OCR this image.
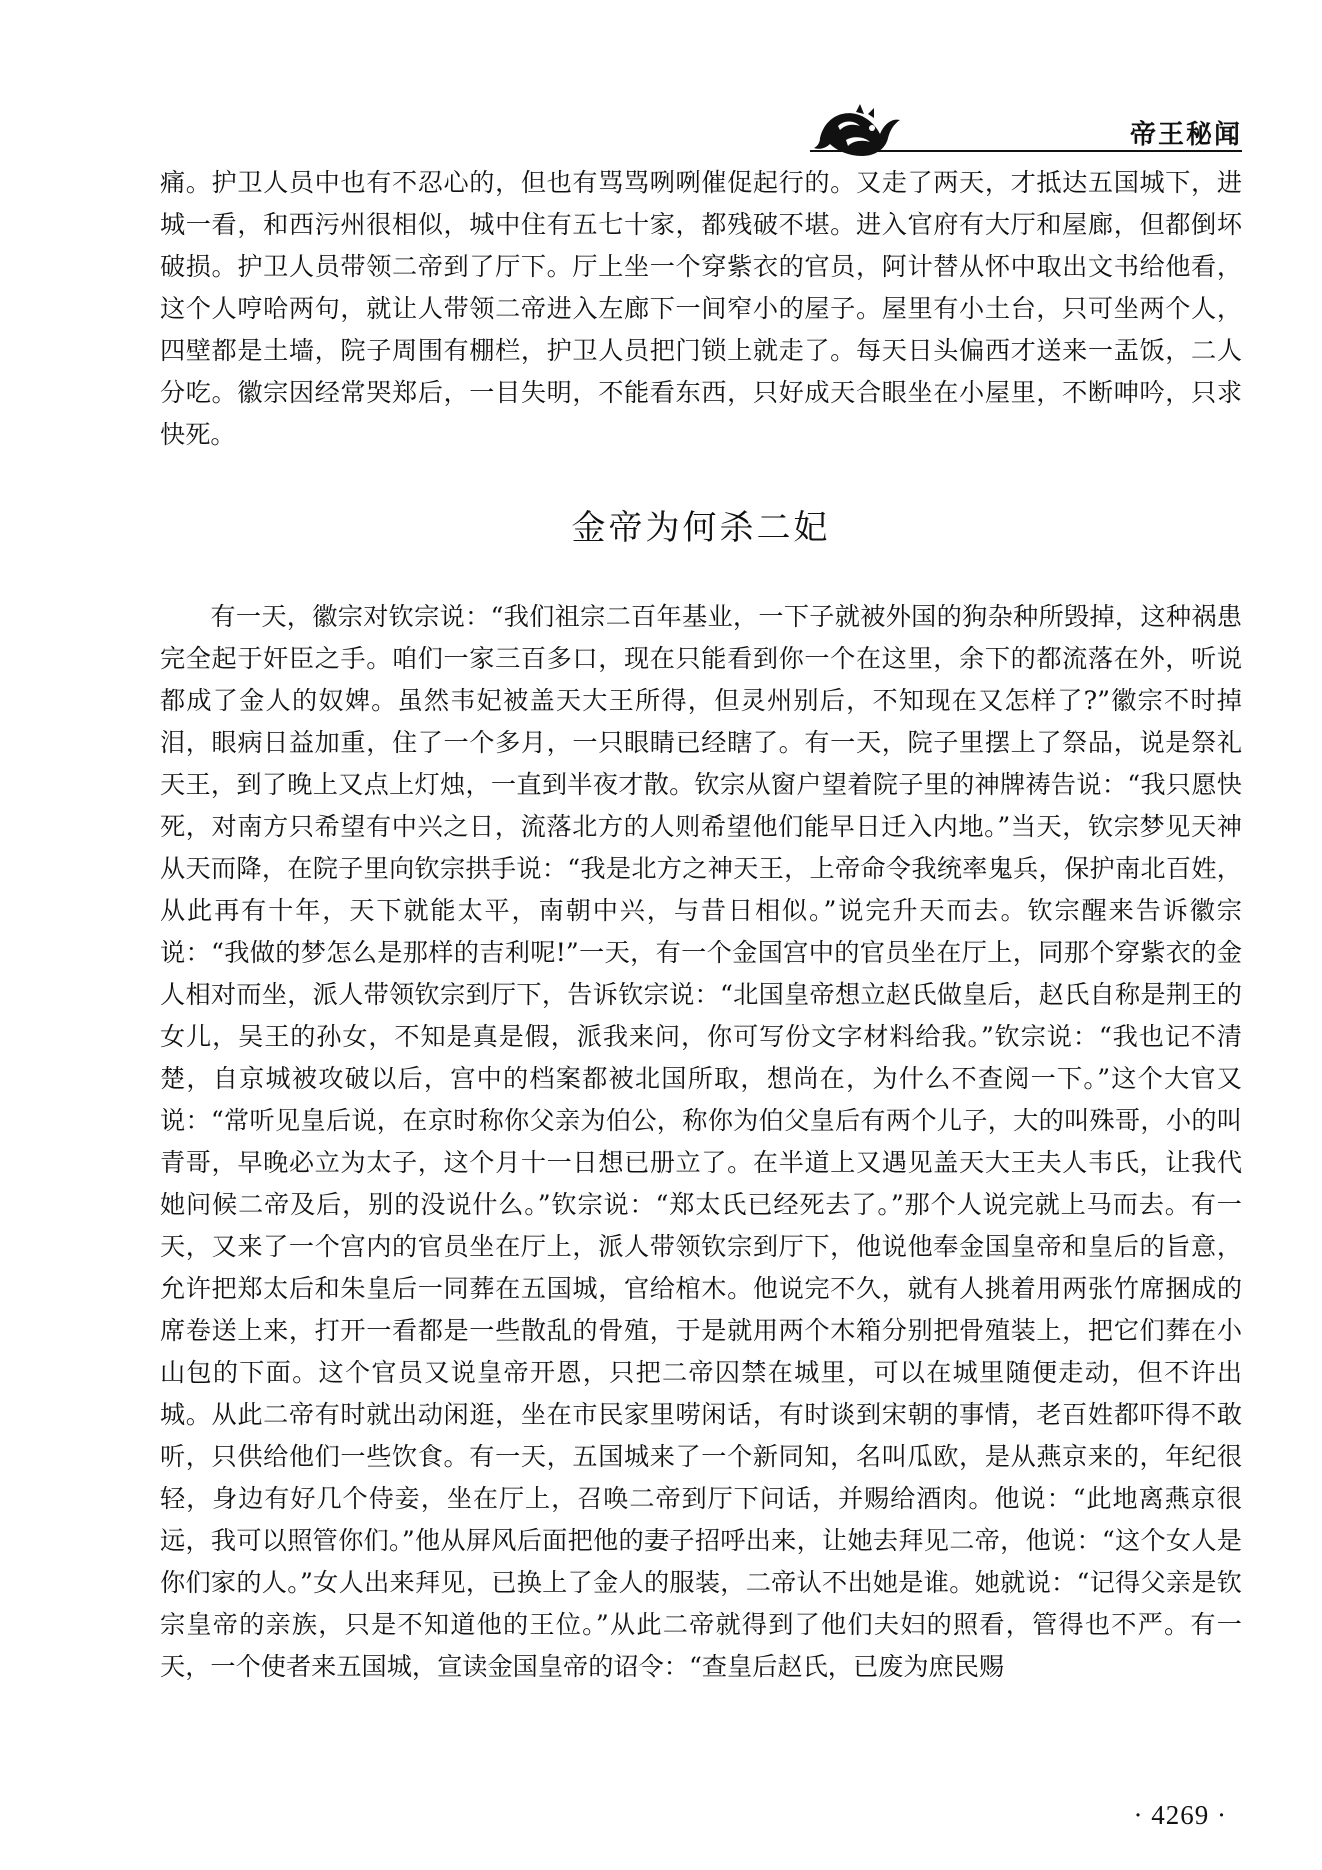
帝王秘闻

痛。护卫人员中也有不忍心的，但也有骂骂咧咧催促起行的。又走了两天，才抵达五国城下，进城一看，和西污州很相似，城中住有五七十家，都残破不堪。进入官府有大厅和屋廊，但都倒坏破损。护卫人员带领二帝到了厅下。厅上坐一个穿紫衣的官员，阿计替从怀中取出文书给他看，这个人哼哈两句，就让人带领二帝进入左廊下一间窄小的屋子。屋里有小土台，只可坐两个人，四壁都是土墙，院子周围有棚栏，护卫人员把门锁上就走了。每天日头偏西才送来一盂饭，二人分吃。徽宗因经常哭郑后，一目失明，不能看东西，只好成天合眼坐在小屋里，不断呻吟，只求快死。

金帝为何杀二妃

有一天，徽宗对钦宗说：“我们祖宗二百年基业，一下子就被外国的狗杂种所毁掉，这种祸患完全起于奸臣之手。咱们一家三百多口，现在只能看到你一个在这里，余下的都流落在外，听说都成了金人的奴婢。虽然韦妃被盖天大王所得，但灵州别后，不知现在又怎样了?”徽宗不时掉泪，眼病日益加重，住了一个多月，一只眼睛已经瞎了。有一天，院子里摆上了祭品，说是祭礼天王，到了晚上又点上灯烛，一直到半夜才散。钦宗从窗户望着院子里的神牌祷告说：“我只愿快死，对南方只希望有中兴之日，流落北方的人则希望他们能早日迁入内地。”当天，钦宗梦见天神从天而降，在院子里向钦宗拱手说：“我是北方之神天王，上帝命令我统率鬼兵，保护南北百姓，从此再有十年，天下就能太平，南朝中兴，与昔日相似。”说完升天而去。钦宗醒来告诉徽宗说：“我做的梦怎么是那样的吉利呢!”一天，有一个金国宫中的官员坐在厅上，同那个穿紫衣的金人相对而坐，派人带领钦宗到厅下，告诉钦宗说：“北国皇帝想立赵氏做皇后，赵氏自称是荆王的女儿，吴王的孙女，不知是真是假，派我来问，你可写份文字材料给我。”钦宗说：“我也记不清楚，自京城被攻破以后，宫中的档案都被北国所取，想尚在，为什么不查阅一下。”这个大官又说：“常听见皇后说，在京时称你父亲为伯公，称你为伯父皇后有两个儿子，大的叫殊哥，小的叫青哥，早晚必立为太子，这个月十一日想已册立了。在半道上又遇见盖天大王夫人韦氏，让我代她问候二帝及后，别的没说什么。”钦宗说：“郑太氏已经死去了。”那个人说完就上马而去。有一天，又来了一个宫内的官员坐在厅上，派人带领钦宗到厅下，他说他奉金国皇帝和皇后的旨意，允许把郑太后和朱皇后一同葬在五国城，官给棺木。他说完不久，就有人挑着用两张竹席捆成的席卷送上来，打开一看都是一些散乱的骨殖，于是就用两个木箱分别把骨殖装上，把它们葬在小山包的下面。这个官员又说皇帝开恩，只把二帝囚禁在城里，可以在城里随便走动，但不许出城。从此二帝有时就出动闲逛，坐在市民家里唠闲话，有时谈到宋朝的事情，老百姓都吓得不敢听，只供给他们一些饮食。有一天，五国城来了一个新同知，名叫瓜欧，是从燕京来的，年纪很轻，身边有好几个侍妾，坐在厅上，召唤二帝到厅下问话，并赐给酒肉。他说：“此地离燕京很远，我可以照管你们。”他从屏风后面把他的妻子招呼出来，让她去拜见二帝，他说：“这个女人是你们家的人。”女人出来拜见，已换上了金人的服装，二帝认不出她是谁。她就说：“记得父亲是钦宗皇帝的亲族，只是不知道他的王位。”从此二帝就得到了他们夫妇的照看，管得也不严。有一天，一个使者来五国城，宣读金国皇帝的诏令：“查皇后赵氏，已废为庶民赐

· 4269 ·
